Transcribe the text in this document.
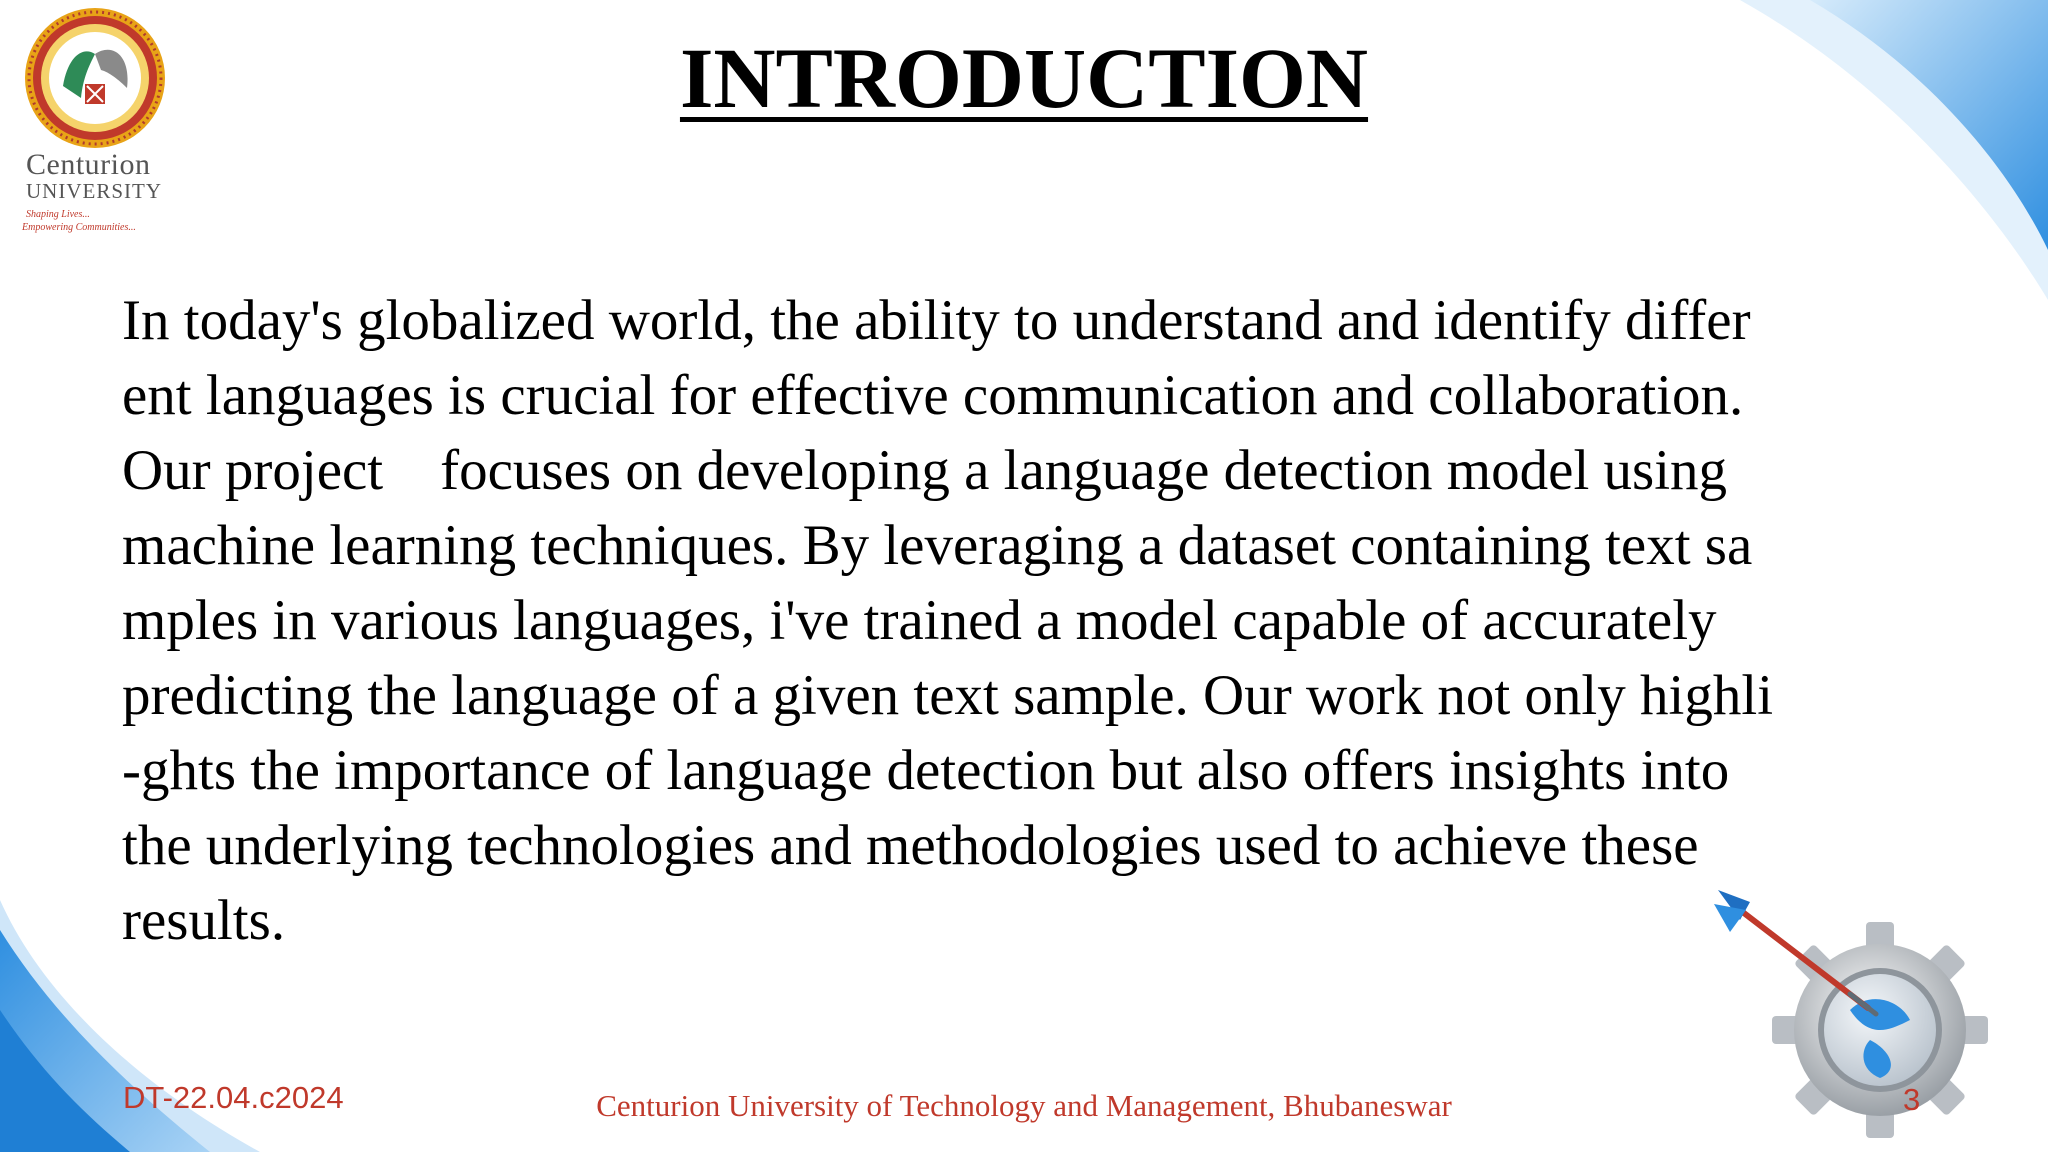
Centurion
UNIVERSITY
Shaping Lives...
Empowering Communities...
INTRODUCTION
In today's globalized world, the ability to understand and identify differ
ent languages is crucial for effective communication and collaboration.
Our project    focuses on developing a language detection model using
machine learning techniques. By leveraging a dataset containing text sa
mples in various languages, i've trained a model capable of accurately
predicting the language of a given text sample. Our work not only highli
-ghts the importance of language detection but also offers insights into
the underlying technologies and methodologies used to achieve these
results.
DT-22.04.c2024	Centurion University of Technology and Management, Bhubaneswar	3
